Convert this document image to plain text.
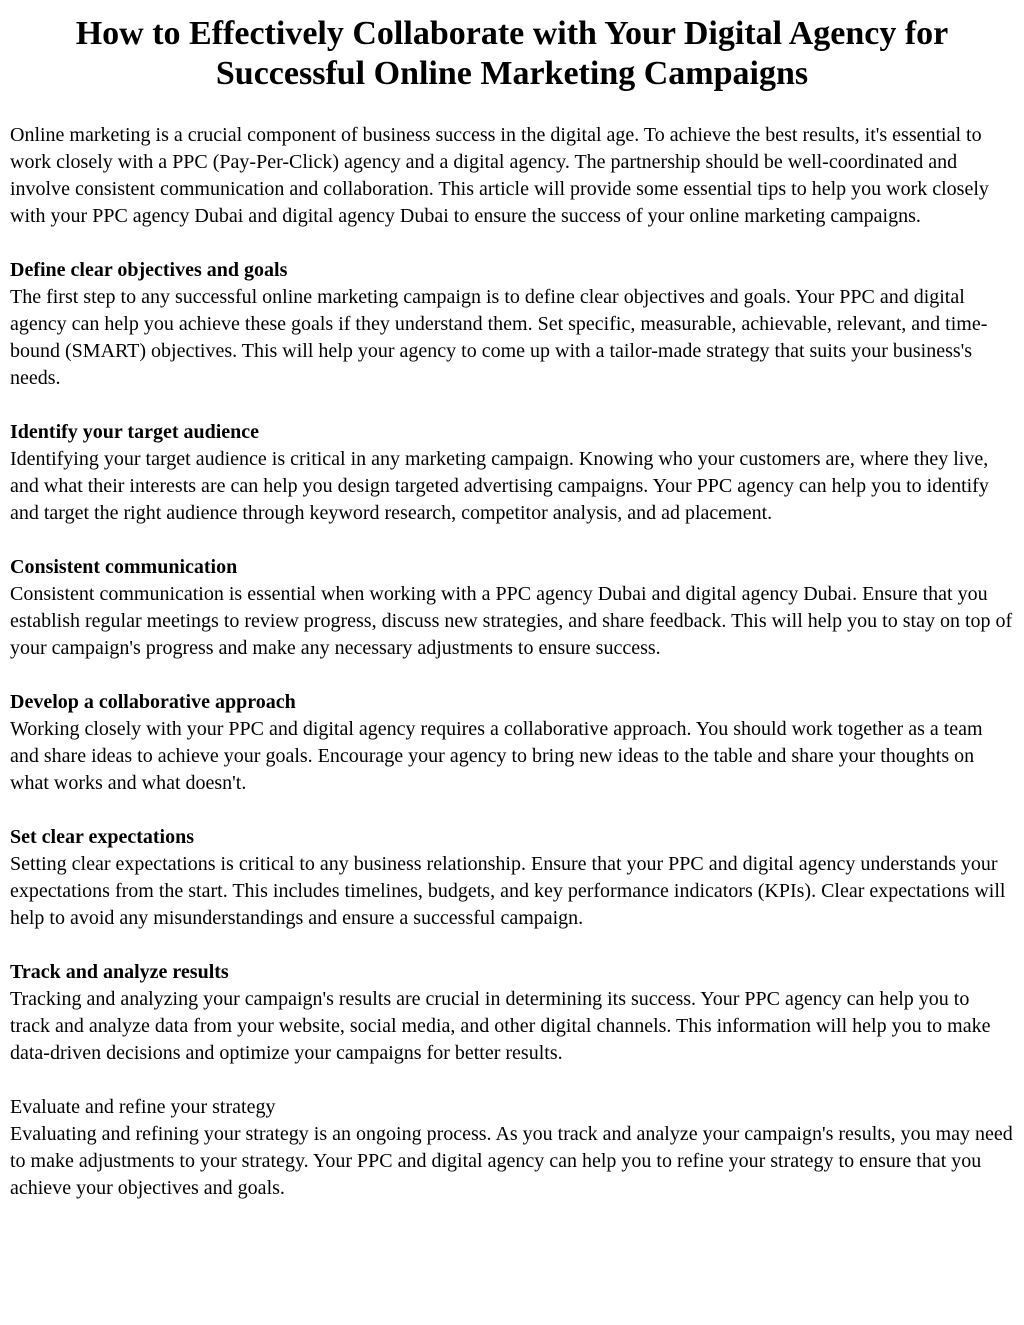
How to Effectively Collaborate with Your Digital Agency for Successful Online Marketing Campaigns

Online marketing is a crucial component of business success in the digital age. To achieve the best results, it's essential to work closely with a PPC (Pay-Per-Click) agency and a digital agency. The partnership should be well-coordinated and involve consistent communication and collaboration. This article will provide some essential tips to help you work closely with your PPC agency Dubai and digital agency Dubai to ensure the success of your online marketing campaigns.

Define clear objectives and goals

The first step to any successful online marketing campaign is to define clear objectives and goals. Your PPC and digital agency can help you achieve these goals if they understand them. Set specific, measurable, achievable, relevant, and time-bound (SMART) objectives. This will help your agency to come up with a tailor-made strategy that suits your business's needs.

Identify your target audience

Identifying your target audience is critical in any marketing campaign. Knowing who your customers are, where they live, and what their interests are can help you design targeted advertising campaigns. Your PPC agency can help you to identify and target the right audience through keyword research, competitor analysis, and ad placement.

Consistent communication

Consistent communication is essential when working with a PPC agency Dubai and digital agency Dubai. Ensure that you establish regular meetings to review progress, discuss new strategies, and share feedback. This will help you to stay on top of your campaign's progress and make any necessary adjustments to ensure success.

Develop a collaborative approach

Working closely with your PPC and digital agency requires a collaborative approach. You should work together as a team and share ideas to achieve your goals. Encourage your agency to bring new ideas to the table and share your thoughts on what works and what doesn't.

Set clear expectations

Setting clear expectations is critical to any business relationship. Ensure that your PPC and digital agency understands your expectations from the start. This includes timelines, budgets, and key performance indicators (KPIs). Clear expectations will help to avoid any misunderstandings and ensure a successful campaign.

Track and analyze results

Tracking and analyzing your campaign's results are crucial in determining its success. Your PPC agency can help you to track and analyze data from your website, social media, and other digital channels. This information will help you to make data-driven decisions and optimize your campaigns for better results.

Evaluate and refine your strategy

Evaluating and refining your strategy is an ongoing process. As you track and analyze your campaign's results, you may need to make adjustments to your strategy. Your PPC and digital agency can help you to refine your strategy to ensure that you achieve your objectives and goals.
